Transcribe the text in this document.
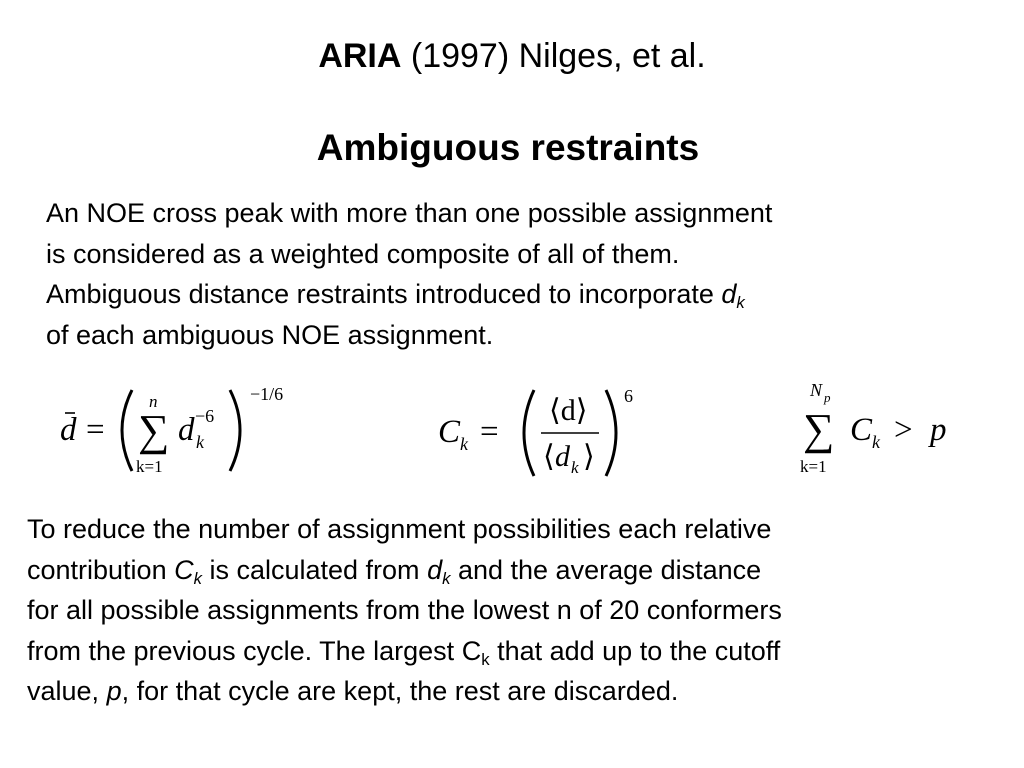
ARIA (1997) Nilges, et al.
Ambiguous restraints
An NOE cross peak with more than one possible assignment
is considered as a weighted composite of all of them.
Ambiguous distance restraints introduced to incorporate $d_k$
of each ambiguous NOE assignment.
d =
n
∑
k=1
d k
−6
−1/6
C k =
⟨d⟩
⟨ d k ⟩
6	N p
∑
k=1
C k > p
To reduce the number of assignment possibilities each relative
contribution $C_k$ is calculated from $d_k$ and the average distance
for all possible assignments from the lowest n of 20 conformers
from the previous cycle. The largest $C_k$ that add up to the cutoff
value, p, for that cycle are kept, the rest are discarded.
